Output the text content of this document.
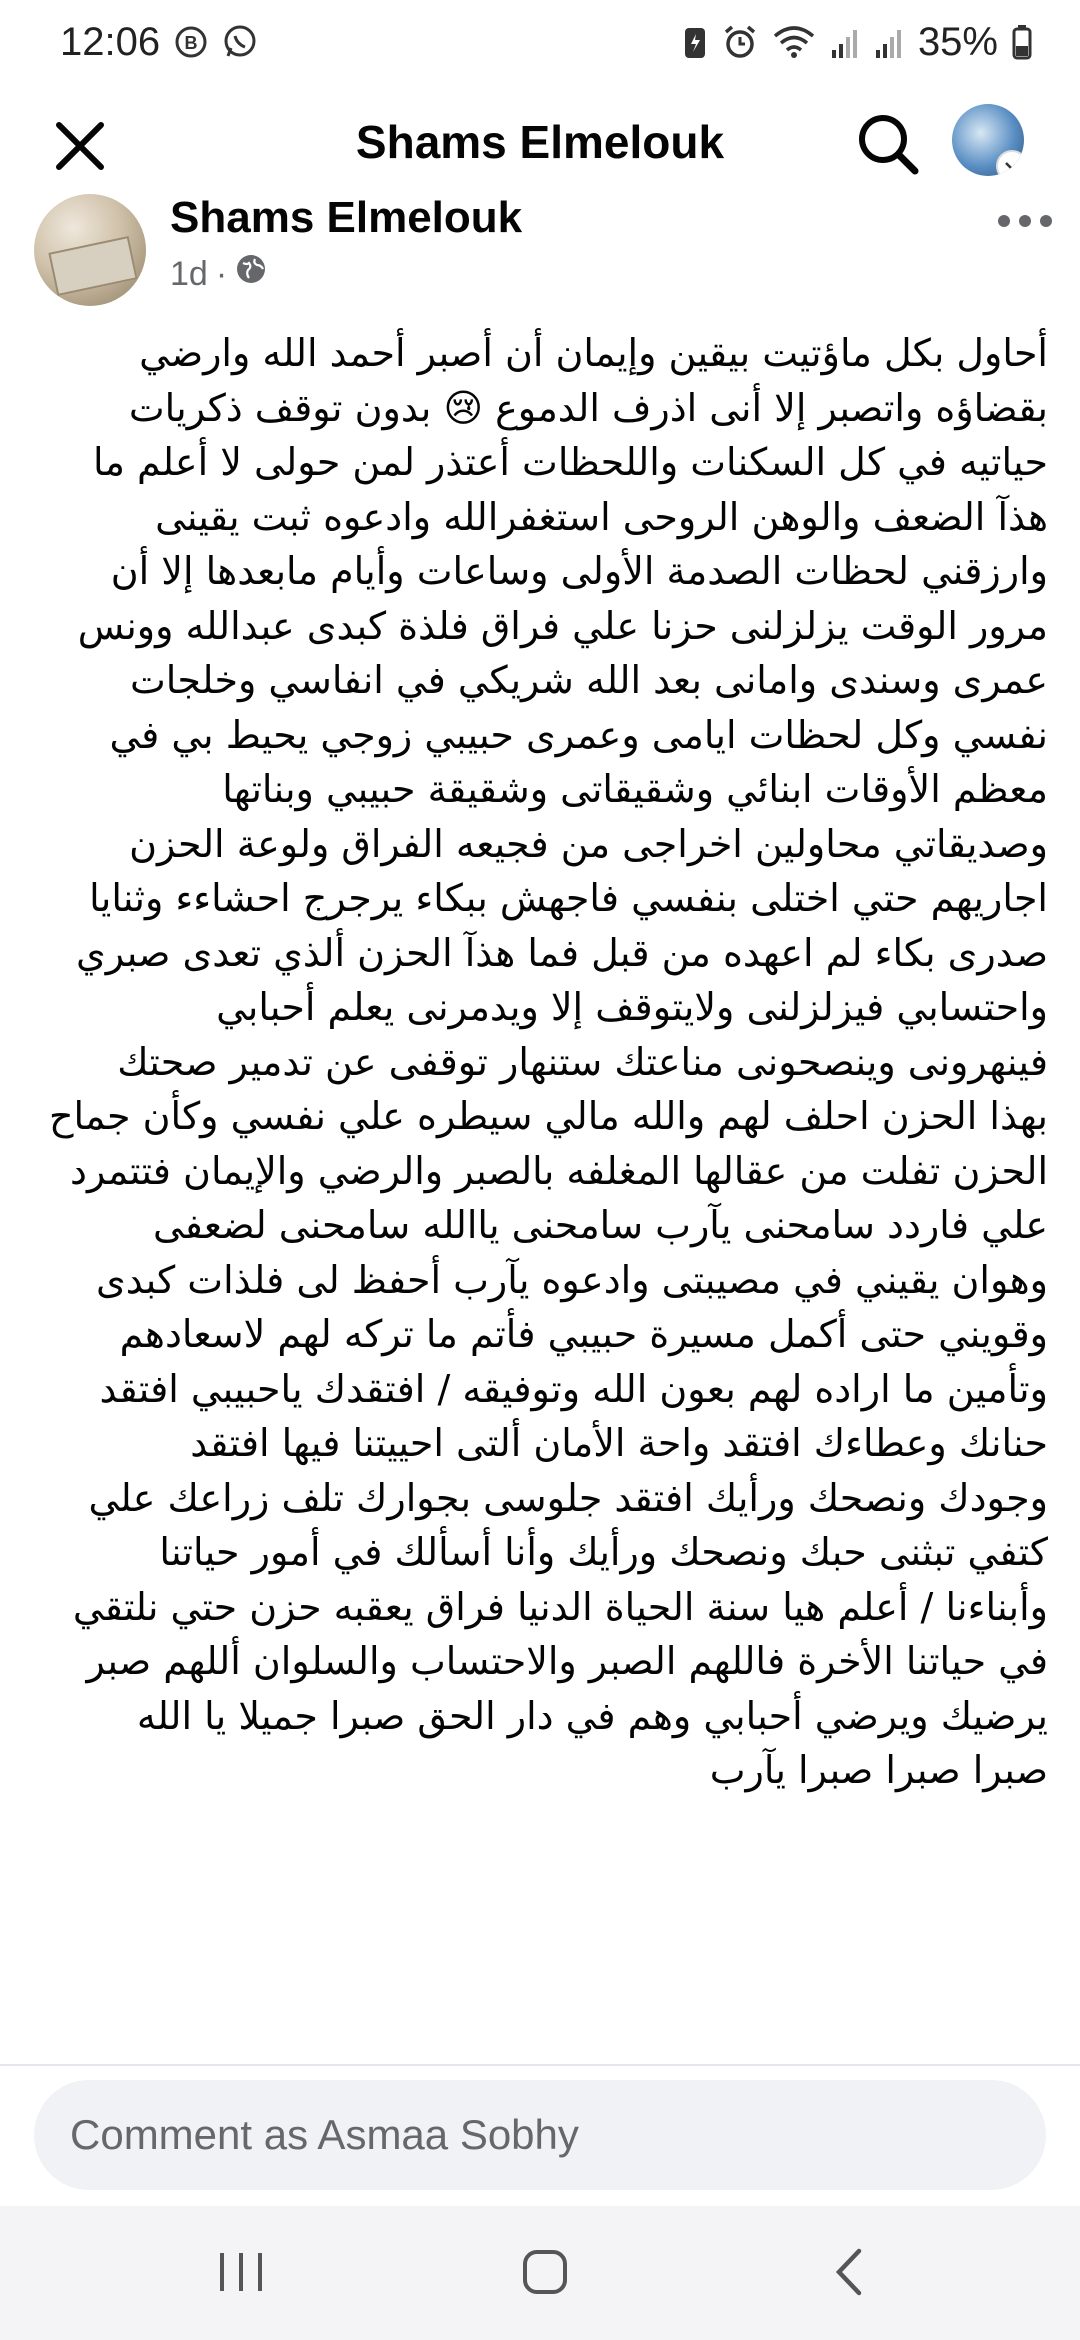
12:06 B	35%
Shams Elmelouk
Shams Elmelouk
1d ·
أحاول بكل ماؤتيت بيقين وإيمان أن أصبر أحمد الله وارضي
بقضاؤه واتصبر إلا أنى اذرف الدموع 😢 بدون توقف ذكريات
حياتيه في كل السكنات واللحظات أعتذر لمن حولى لا أعلم ما
هذآ الضعف والوهن الروحى استغفرالله وادعوه ثبت يقينى
وارزقني لحظات الصدمة الأولى وساعات وأيام مابعدها إلا أن
مرور الوقت يزلزلنى حزنا علي فراق فلذة كبدى عبدالله وونس
عمرى وسندى وامانى بعد الله شريكي في انفاسي وخلجات
نفسي وكل لحظات ايامى وعمرى حبيبي زوجي يحيط بي في
معظم الأوقات ابنائي وشقيقاتى وشقيقة حبيبي وبناتها
وصديقاتي محاولين اخراجى من فجيعه الفراق ولوعة الحزن
اجاريهم حتي اختلى بنفسي فاجهش ببكاء يرجرج احشاءء وثنايا
صدرى بكاء لم اعهده من قبل فما هذآ الحزن ألذي تعدى صبري
واحتسابي فيزلزلنى ولايتوقف إلا ويدمرنى يعلم أحبابي
فينهرونى وينصحونى مناعتك ستنهار توقفى عن تدمير صحتك
بهذا الحزن احلف لهم والله مالي سيطره علي نفسي وكأن جماح
الحزن تفلت من عقالها المغلفه بالصبر والرضي والإيمان فتتمرد
علي فاردد سامحنى يآرب سامحنى ياالله سامحنى لضعفى
وهوان يقيني في مصيبتى وادعوه يآرب أحفظ لى فلذات كبدى
وقويني حتى أكمل مسيرة حبيبي فأتم ما تركه لهم لاسعادهم
وتأمين ما اراده لهم بعون الله وتوفيقه / افتقدك ياحبيبي افتقد
حنانك وعطاءك افتقد واحة الأمان ألتى احييتنا فيها افتقد
وجودك ونصحك ورأيك افتقد جلوسى بجوارك تلف زراعك علي
كتفي تبثنى حبك ونصحك ورأيك وأنا أسألك في أمور حياتنا
وأبناءنا / أعلم هيا سنة الحياة الدنيا فراق يعقبه حزن حتي نلتقي
في حياتنا الأخرة فاللهم الصبر والاحتساب والسلوان أللهم صبر
يرضيك ويرضي أحبابي وهم في دار الحق صبرا جميلا يا الله
صبرا صبرا صبرا يآرب
Comment as Asmaa Sobhy
